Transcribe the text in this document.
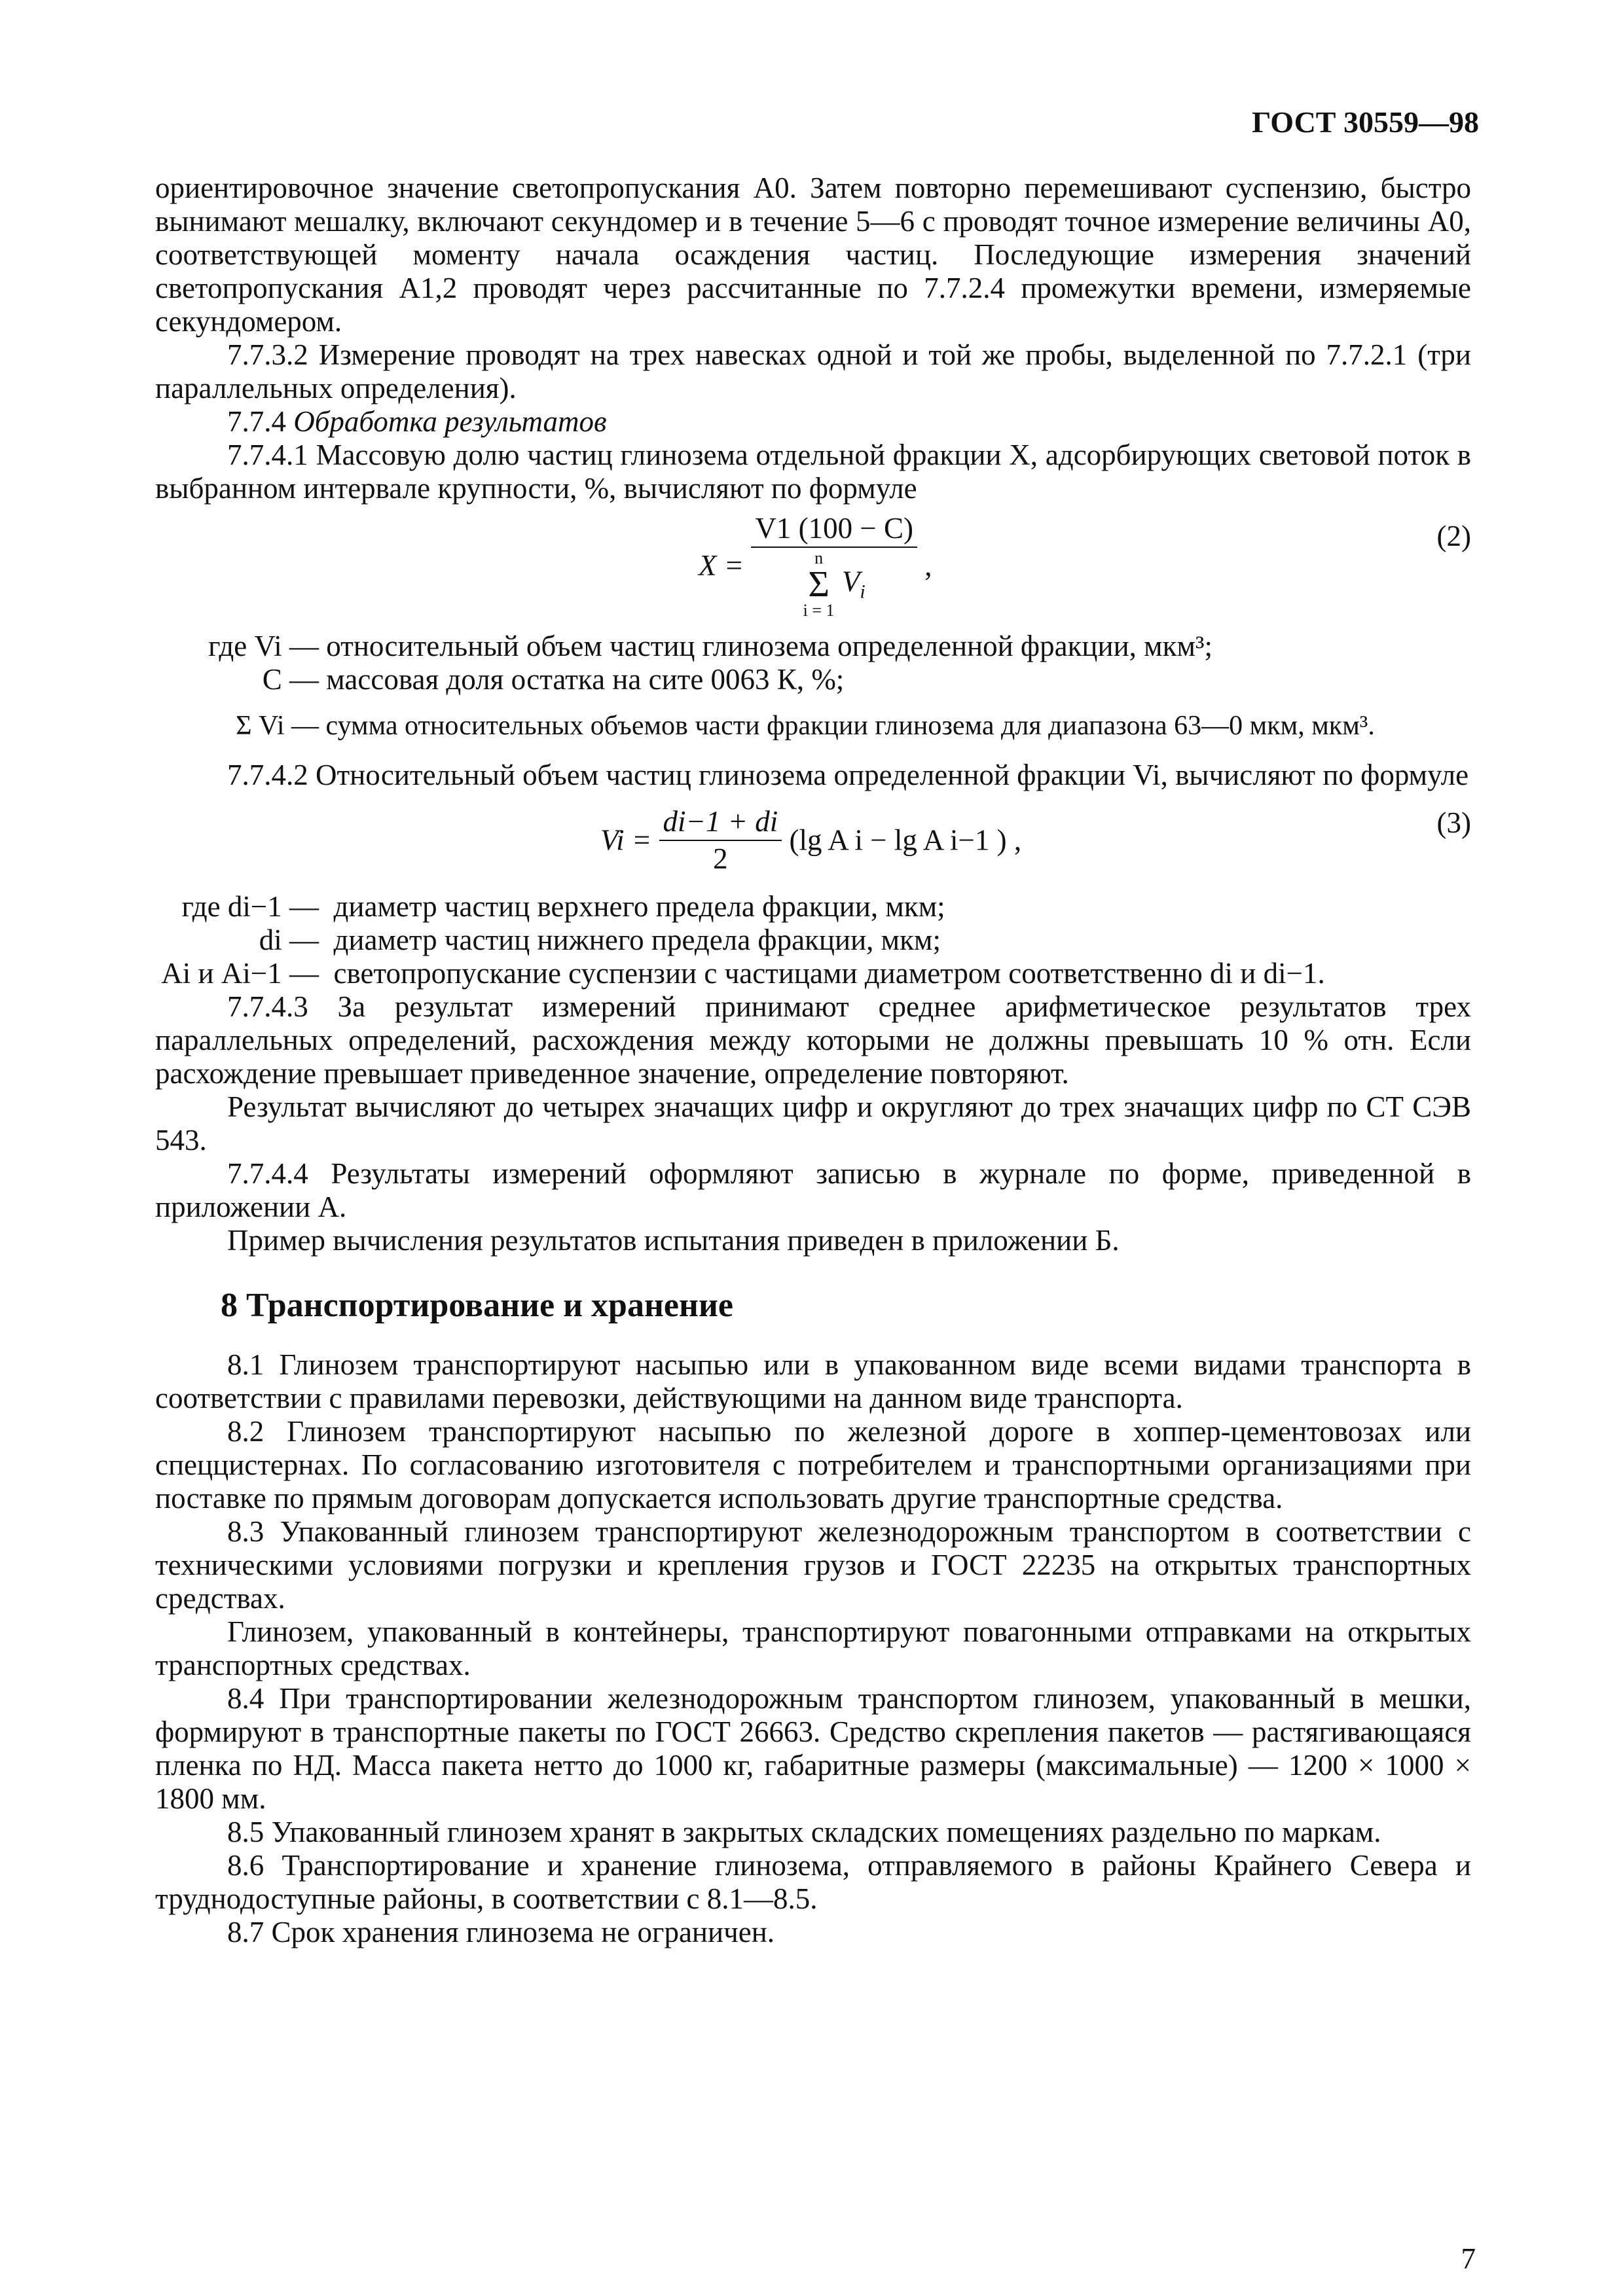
ГОСТ 30559—98

ориентировочное значение светопропускания A0. Затем повторно перемешивают суспензию, быстро вынимают мешалку, включают секундомер и в течение 5—6 с проводят точное измерение величины A0, соответствующей моменту начала осаждения частиц. Последующие измерения значений светопропускания A1,2 проводят через рассчитанные по 7.7.2.4 промежутки времени, измеряемые секундомером.

7.7.3.2 Измерение проводят на трех навесках одной и той же пробы, выделенной по 7.7.2.1 (три параллельных определения).

7.7.4 Обработка результатов

7.7.4.1 Массовую долю частиц глинозема отдельной фракции X, адсорбирующих световой поток в выбранном интервале крупности, %, вычисляют по формуле

X =
V1 (100 − C)
n
Σ
i = 1
$V_i$
,
(2)
где Vi —
относительный объем частиц глинозема определенной фракции, мкм³;
C —
массовая доля остатка на сите 0063 К, %;
Σ Vi —
сумма относительных объемов части фракции глинозема для диапазона 63—0 мкм, мкм³.

7.7.4.2 Относительный объем частиц глинозема определенной фракции Vi, вычисляют по формуле

$Vi = \frac{di-1 + di}{2} (\lg$ A i − lg A i−1 ) ,
(3)
где di−1 —
диаметр частиц верхнего предела фракции, мкм;
di —
диаметр частиц нижнего предела фракции, мкм;
Ai и Ai−1 —
светопропускание суспензии с частицами диаметром соответственно di и di−1.

7.7.4.3 За результат измерений принимают среднее арифметическое результатов трех параллельных определений, расхождения между которыми не должны превышать 10 % отн. Если расхождение превышает приведенное значение, определение повторяют.

Результат вычисляют до четырех значащих цифр и округляют до трех значащих цифр по СТ СЭВ 543.

7.7.4.4 Результаты измерений оформляют записью в журнале по форме, приведенной в приложении А.

Пример вычисления результатов испытания приведен в приложении Б.

8 Транспортирование и хранение

8.1 Глинозем транспортируют насыпью или в упакованном виде всеми видами транспорта в соответствии с правилами перевозки, действующими на данном виде транспорта.

8.2 Глинозем транспортируют насыпью по железной дороге в хоппер-цементовозах или спеццистернах. По согласованию изготовителя с потребителем и транспортными организациями при поставке по прямым договорам допускается использовать другие транспортные средства.

8.3 Упакованный глинозем транспортируют железнодорожным транспортом в соответствии с техническими условиями погрузки и крепления грузов и ГОСТ 22235 на открытых транспортных средствах.

Глинозем, упакованный в контейнеры, транспортируют повагонными отправками на открытых транспортных средствах.

8.4 При транспортировании железнодорожным транспортом глинозем, упакованный в мешки, формируют в транспортные пакеты по ГОСТ 26663. Средство скрепления пакетов — растягивающаяся пленка по НД. Масса пакета нетто до 1000 кг, габаритные размеры (максимальные) — 1200 × 1000 × 1800 мм.

8.5 Упакованный глинозем хранят в закрытых складских помещениях раздельно по маркам.

8.6 Транспортирование и хранение глинозема, отправляемого в районы Крайнего Севера и труднодоступные районы, в соответствии с 8.1—8.5.

8.7 Срок хранения глинозема не ограничен.

7
